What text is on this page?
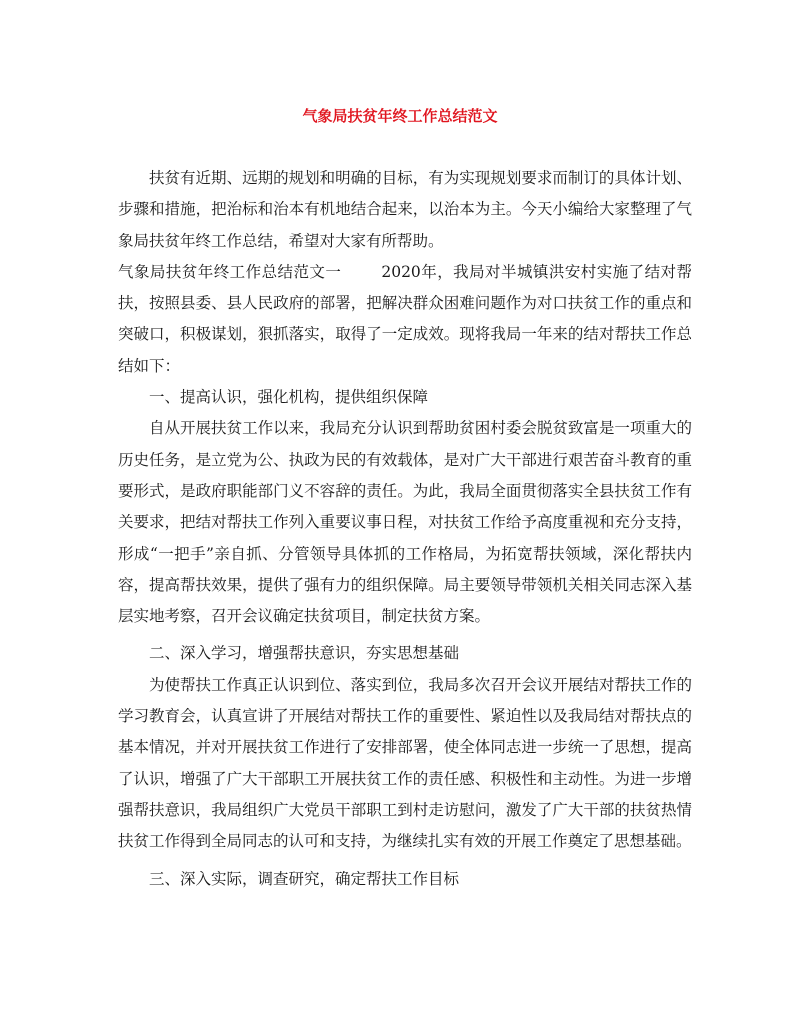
气象局扶贫年终工作总结范文

扶贫有近期、远期的规划和明确的目标，有为实现规划要求而制订的具体计划、步骤和措施，把治标和治本有机地结合起来，以治本为主。今天小编给大家整理了气象局扶贫年终工作总结，希望对大家有所帮助。

气象局扶贫年终工作总结范文一	2020年，我局对半城镇洪安村实施了结对帮扶，按照县委、县人民政府的部署，把解决群众困难问题作为对口扶贫工作的重点和突破口，积极谋划，狠抓落实，取得了一定成效。现将我局一年来的结对帮扶工作总结如下：

一、提高认识，强化机构，提供组织保障

自从开展扶贫工作以来，我局充分认识到帮助贫困村委会脱贫致富是一项重大的历史任务，是立党为公、执政为民的有效载体，是对广大干部进行艰苦奋斗教育的重要形式，是政府职能部门义不容辞的责任。为此，我局全面贯彻落实全县扶贫工作有关要求，把结对帮扶工作列入重要议事日程，对扶贫工作给予高度重视和充分支持，形成“一把手”亲自抓、分管领导具体抓的工作格局，为拓宽帮扶领域，深化帮扶内容，提高帮扶效果，提供了强有力的组织保障。局主要领导带领机关相关同志深入基层实地考察，召开会议确定扶贫项目，制定扶贫方案。

二、深入学习，增强帮扶意识，夯实思想基础

为使帮扶工作真正认识到位、落实到位，我局多次召开会议开展结对帮扶工作的学习教育会，认真宣讲了开展结对帮扶工作的重要性、紧迫性以及我局结对帮扶点的基本情况，并对开展扶贫工作进行了安排部署，使全体同志进一步统一了思想，提高了认识，增强了广大干部职工开展扶贫工作的责任感、积极性和主动性。为进一步增强帮扶意识，我局组织广大党员干部职工到村走访慰问，激发了广大干部的扶贫热情扶贫工作得到全局同志的认可和支持，为继续扎实有效的开展工作奠定了思想基础。

三、深入实际，调查研究，确定帮扶工作目标
